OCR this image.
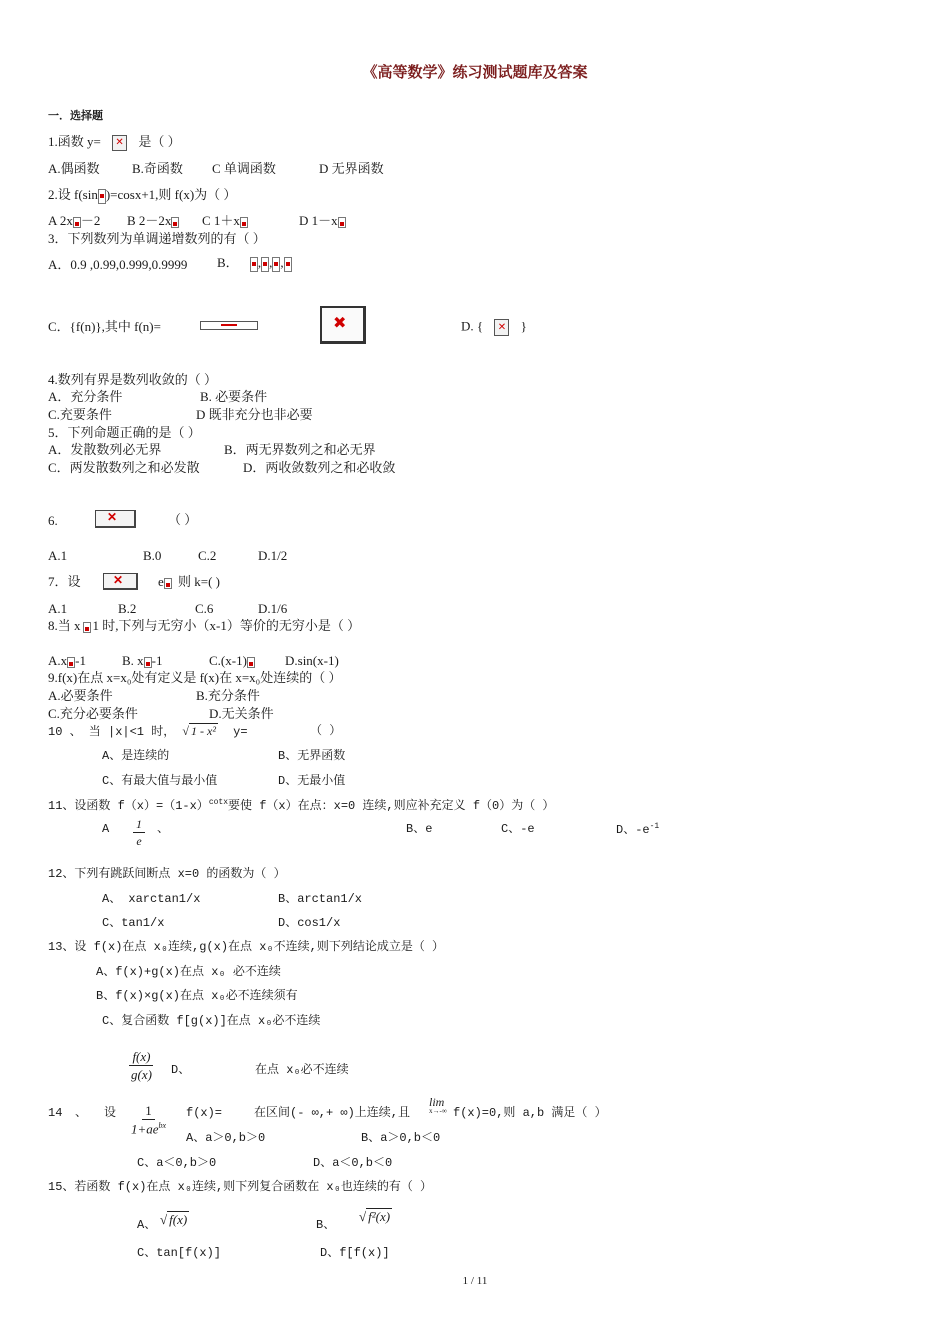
《高等数学》练习测试题库及答案
一．选择题
1.函数 y= ✕ 是（ ）
A.偶函数 B.奇函数 C 单调函数	D 无界函数
2.设 f(sin )=cosx+1,则 f(x)为（ ）
A 2x －2 B 2－2x	C 1＋x	D 1－x
3．下列数列为单调递增数列的有（ ）
A．0.9 ,0.99,0.999,0.9999 B． , , ,
C．{f(n)},其中 f(n)=	✖	D. { ✕ }
4.数列有界是数列收敛的（ ）
A．充分条件	B. 必要条件
C.充要条件	D 既非充分也非必要
5．下列命题正确的是（ ）
A．发散数列必无界	B．两无界数列之和必无界
C．两发散数列之和必发散	D．两收敛数列之和必收敛
6.	✕	（ ）
A.1	B.0	C.2	D.1/2
7．设	✕	e	则 k=( )
A.1	B.2	C.6	D.1/6
8.当 x 1 时,下列与无穷小（x-1）等价的无穷小是（ ）
A.x -1	B. x -1	C.(x-1)	D.sin(x-1)
9.f(x)在点 x=x₀处有定义是 f(x)在 x=x₀处连续的（ ）
A.必要条件	B.充分条件
C.充分必要条件	D.无关条件
10 、 当 |x|<1 时， √ 1 - x² y=	（ ）
A、是连续的	B、无界函数
C、有最大值与最小值	D、无最小值
11、设函数 $f(x)=(1-x)^{cotx}$要使 f（x）在点：x=0 连续,则应补充定义 f（0）为（ ）
A $\frac{1}{e}$ 、	B、e	C、-e	D、$-e^{-1}$
12、下列有跳跃间断点 x=0 的函数为（ ）
A、 xarctan1/x	B、arctan1/x
C、tan1/x	D、cos1/x
13、设 f(x)在点 x₀连续,g(x)在点 x₀不连续,则下列结论成立是（ ）
A、f(x)+g(x)在点 x₀ 必不连续
B、f(x)×g(x)在点 x₀必不连续须有
C、复合函数 f[g(x)]在点 x₀必不连续
$\frac{f(x)}{g(x)}$ D、	在点 x₀必不连续
14 、 设 $\frac{1}{1+ae^{bx}} f(x)=$	在区间(- ∞,+ ∞)上连续,且
lim
x→-∞ f(x)=0,则 a,b 满足（ ）
A、a＞0,b＞0	B、a＞0,b＜0
C、a＜0,b＞0	D、a＜0,b＜0
15、若函数 f(x)在点 x₀连续,则下列复合函数在 x₀也连续的有（ ）
A、 √ f(x)	B、
√ f²(x)
C、tan[f(x)]	D、f[f(x)]
1 / 11
